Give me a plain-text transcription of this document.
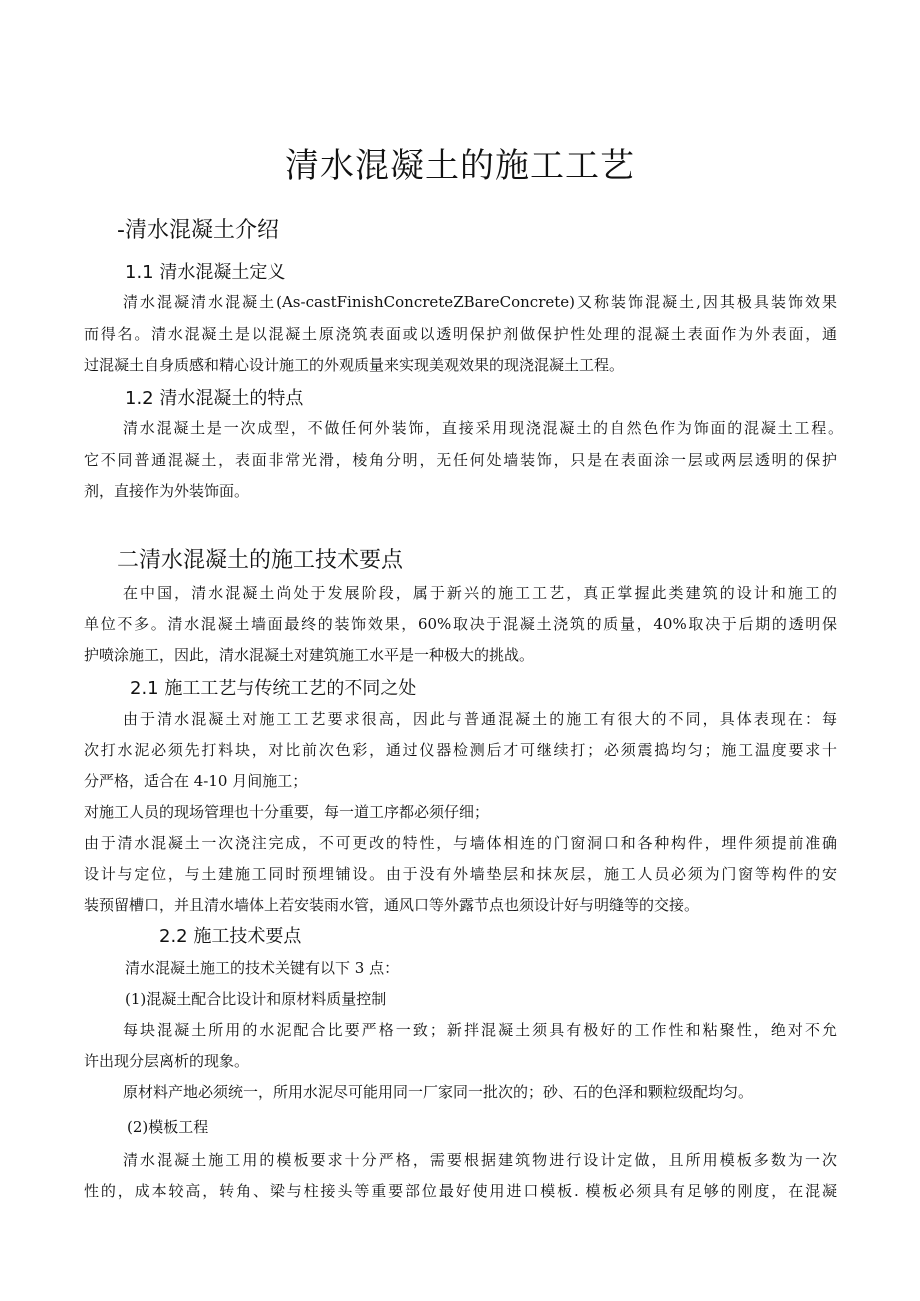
清水混凝土的施工工艺
-清水混凝土介绍
1.1 清水混凝土定义
清水混凝清水混凝土(As-castFinishConcreteZBareConcrete)又称装饰混凝土,因其极具装饰效果
而得名。清水混凝土是以混凝土原浇筑表面或以透明保护剂做保护性处理的混凝土表面作为外表面，通
过混凝土自身质感和精心设计施工的外观质量来实现美观效果的现浇混凝土工程。
1.2 清水混凝土的特点
清水混凝土是一次成型，不做任何外装饰，直接采用现浇混凝土的自然色作为饰面的混凝土工程。
它不同普通混凝土，表面非常光滑，棱角分明，无任何处墙装饰，只是在表面涂一层或两层透明的保护
剂，直接作为外装饰面。
二清水混凝土的施工技术要点
在中国，清水混凝土尚处于发展阶段，属于新兴的施工工艺，真正掌握此类建筑的设计和施工的
单位不多。清水混凝土墙面最终的装饰效果，60%取决于混凝土浇筑的质量，40%取决于后期的透明保
护喷涂施工，因此，清水混凝土对建筑施工水平是一种极大的挑战。
2.1 施工工艺与传统工艺的不同之处
由于清水混凝土对施工工艺要求很高，因此与普通混凝土的施工有很大的不同，具体表现在：每
次打水泥必须先打料块，对比前次色彩，通过仪器检测后才可继续打；必须震捣均匀；施工温度要求十
分严格，适合在 4-10 月间施工；
对施工人员的现场管理也十分重要，每一道工序都必须仔细；
由于清水混凝土一次浇注完成，不可更改的特性，与墙体相连的门窗洞口和各种构件，埋件须提前准确
设计与定位，与土建施工同时预埋铺设。由于没有外墙垫层和抹灰层，施工人员必须为门窗等构件的安
装预留槽口，并且清水墙体上若安装雨水管，通风口等外露节点也须设计好与明缝等的交接。
2.2 施工技术要点
清水混凝土施工的技术关键有以下 3 点：
(1)混凝土配合比设计和原材料质量控制
每块混凝土所用的水泥配合比要严格一致；新拌混凝土须具有极好的工作性和粘聚性，绝对不允
许出现分层离析的现象。
原材料产地必须统一，所用水泥尽可能用同一厂家同一批次的；砂、石的色泽和颗粒级配均匀。
(2)模板工程
清水混凝土施工用的模板要求十分严格，需要根据建筑物进行设计定做，且所用模板多数为一次
性的，成本较高，转角、梁与柱接头等重要部位最好使用进口模板. 模板必须具有足够的刚度，在混凝
